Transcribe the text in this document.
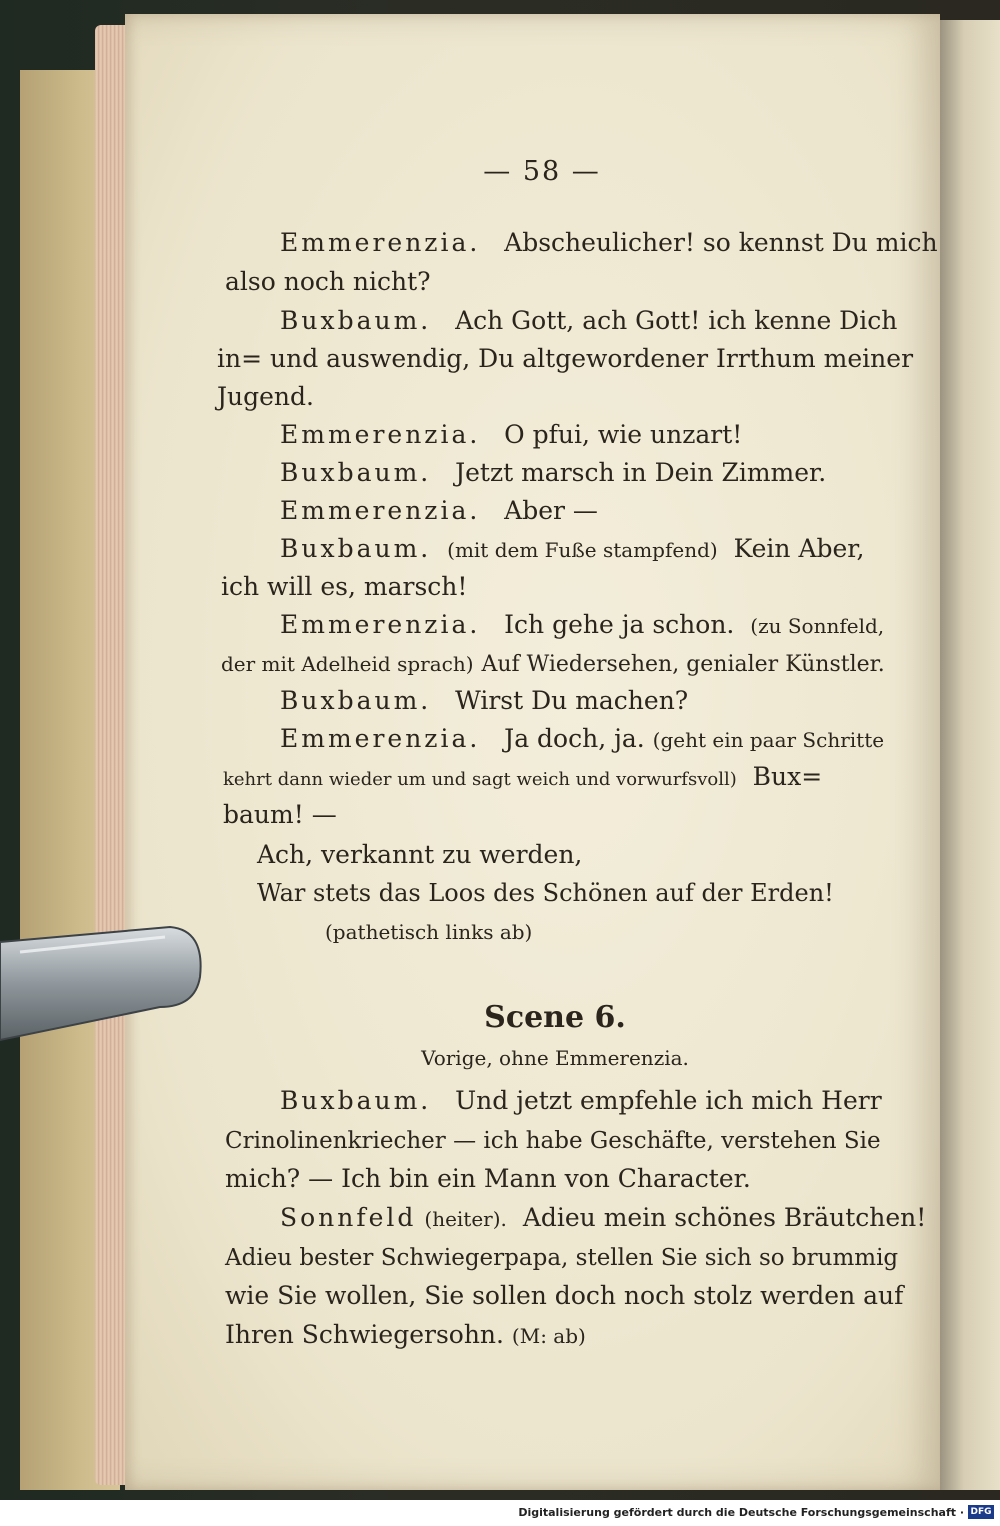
— 58 —
Emmerenzia. Abscheulicher! so kennst Du mich
also noch nicht?
Buxbaum. Ach Gott, ach Gott! ich kenne Dich
in= und auswendig, Du altgewordener Irrthum meiner
Jugend.
Emmerenzia. O pfui, wie unzart!
Buxbaum. Jetzt marsch in Dein Zimmer.
Emmerenzia. Aber —
Buxbaum. (mit dem Fuße stampfend) Kein Aber,
ich will es, marsch!
Emmerenzia. Ich gehe ja schon. (zu Sonnfeld,
der mit Adelheid sprach) Auf Wiedersehen, genialer Künstler.
Buxbaum. Wirst Du machen?
Emmerenzia. Ja doch, ja. (geht ein paar Schritte
kehrt dann wieder um und sagt weich und vorwurfsvoll) Bux=
baum! —
Ach, verkannt zu werden,
War stets das Loos des Schönen auf der Erden!
(pathetisch links ab)
Scene 6.
Vorige, ohne Emmerenzia.
Buxbaum. Und jetzt empfehle ich mich Herr
Crinolinenkriecher — ich habe Geschäfte, verstehen Sie
mich? — Ich bin ein Mann von Character.
Sonnfeld (heiter). Adieu mein schönes Bräutchen!
Adieu bester Schwiegerpapa, stellen Sie sich so brummig
wie Sie wollen, Sie sollen doch noch stolz werden auf
Ihren Schwiegersohn. (M: ab)
Digitalisierung gefördert durch die Deutsche Forschungsgemeinschaft · DFG
